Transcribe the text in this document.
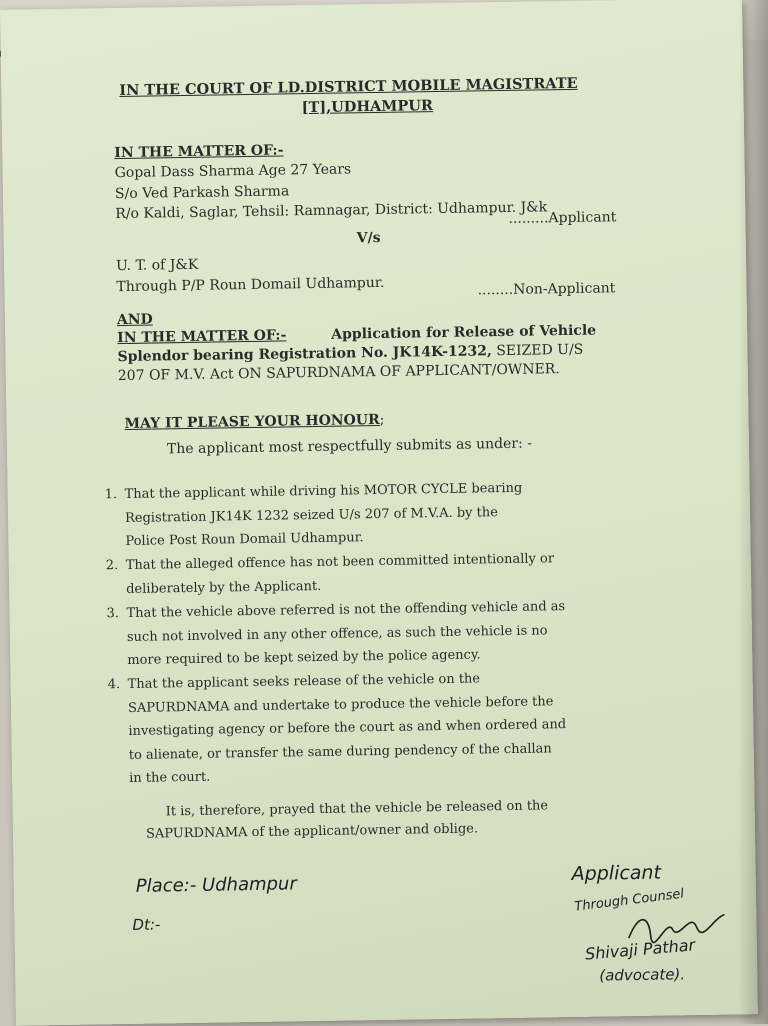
IN THE COURT OF LD.DISTRICT MOBILE MAGISTRATE
[T],UDHAMPUR
IN THE MATTER OF:-
Gopal Dass Sharma Age 27 Years
S/o Ved Parkash Sharma
R/o Kaldi, Saglar, Tehsil: Ramnagar, District: Udhampur. J&k
.........Applicant
V/s
U. T. of J&K
Through P/P Roun Domail Udhampur.	........Non-Applicant
AND
IN THE MATTER OF:-	Application for Release of Vehicle
Splendor bearing Registration No. JK14K-1232, SEIZED U/S
207 OF M.V. Act ON SAPURDNAMA OF APPLICANT/OWNER.
MAY IT PLEASE YOUR HONOUR;
The applicant most respectfully submits as under: -
1. That the applicant while driving his MOTOR CYCLE bearing
Registration JK14K 1232 seized U/s 207 of M.V.A. by the
Police Post Roun Domail Udhampur.
2. That the alleged offence has not been committed intentionally or
deliberately by the Applicant.
3. That the vehicle above referred is not the offending vehicle and as
such not involved in any other offence, as such the vehicle is no
more required to be kept seized by the police agency.
4. That the applicant seeks release of the vehicle on the
SAPURDNAMA and undertake to produce the vehicle before the
investigating agency or before the court as and when ordered and
to alienate, or transfer the same during pendency of the challan
in the court.
It is, therefore, prayed that the vehicle be released on the
SAPURDNAMA of the applicant/owner and oblige.
Place:- Udhampur
Dt:-
Applicant
Through Counsel
Shivaji Pathar
(advocate).
